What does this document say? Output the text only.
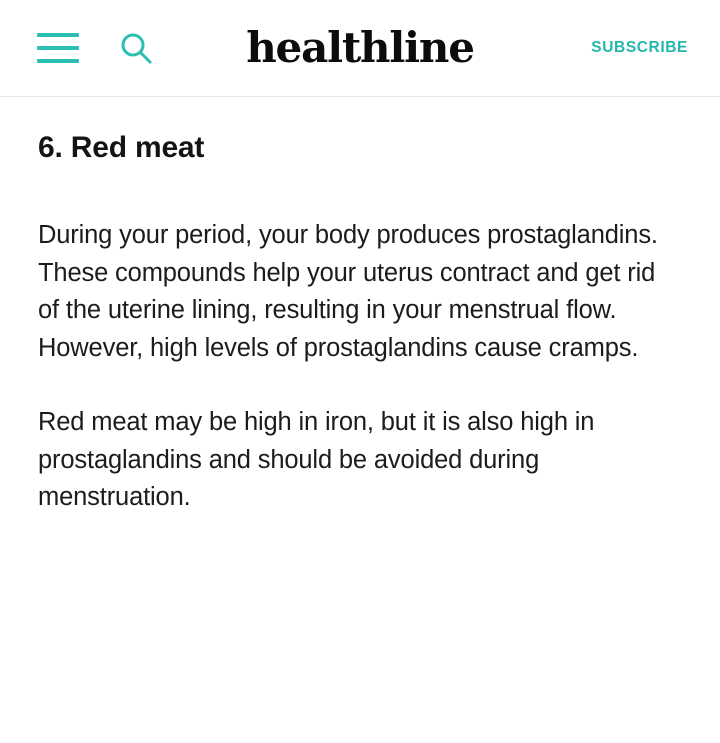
healthline	SUBSCRIBE
6. Red meat

During your period, your body produces prostaglandins. These compounds help your uterus contract and get rid of the uterine lining, resulting in your menstrual flow. However, high levels of prostaglandins cause cramps.

Red meat may be high in iron, but it is also high in prostaglandins and should be avoided during menstruation.
